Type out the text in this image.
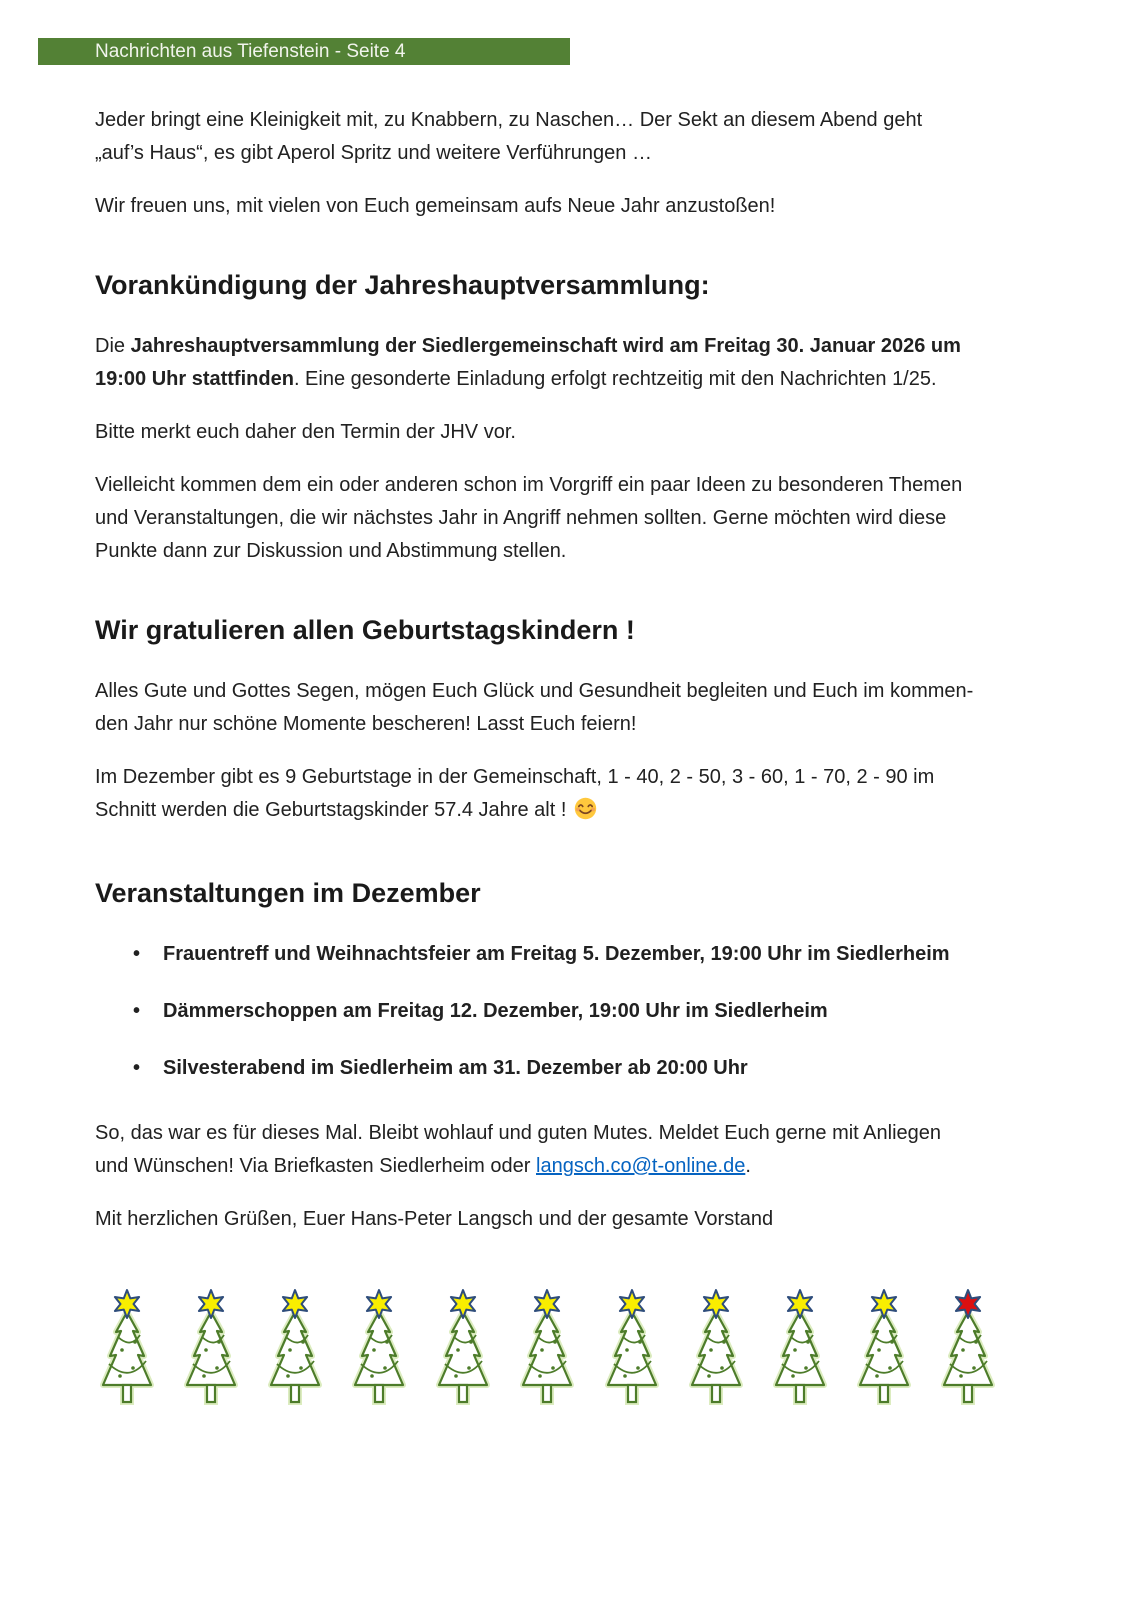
Nachrichten aus Tiefenstein - Seite 4

Jeder bringt eine Kleinigkeit mit, zu Knabbern, zu Naschen… Der Sekt an diesem Abend geht
„auf’s Haus“, es gibt Aperol Spritz und weitere Verführungen …

Wir freuen uns, mit vielen von Euch gemeinsam aufs Neue Jahr anzustoßen!

Vorankündigung der Jahreshauptversammlung:

Die Jahreshauptversammlung der Siedlergemeinschaft wird am Freitag 30. Januar 2026 um
19:00 Uhr stattfinden. Eine gesonderte Einladung erfolgt rechtzeitig mit den Nachrichten 1/25.

Bitte merkt euch daher den Termin der JHV vor.

Vielleicht kommen dem ein oder anderen schon im Vorgriff ein paar Ideen zu besonderen Themen
und Veranstaltungen, die wir nächstes Jahr in Angriff nehmen sollten. Gerne möchten wird diese
Punkte dann zur Diskussion und Abstimmung stellen.

Wir gratulieren allen Geburtstagskindern !

Alles Gute und Gottes Segen, mögen Euch Glück und Gesundheit begleiten und Euch im kommen-
den Jahr nur schöne Momente bescheren! Lasst Euch feiern!

Im Dezember gibt es 9 Geburtstage in der Gemeinschaft, 1 - 40, 2 - 50, 3 - 60, 1 - 70, 2 - 90 im
Schnitt werden die Geburtstagskinder 57.4 Jahre alt !

Veranstaltungen im Dezember
• Frauentreff und Weihnachtsfeier am Freitag 5. Dezember, 19:00 Uhr im Siedlerheim
• Dämmerschoppen am Freitag 12. Dezember, 19:00 Uhr im Siedlerheim
• Silvesterabend im Siedlerheim am 31. Dezember ab 20:00 Uhr

So, das war es für dieses Mal. Bleibt wohlauf und guten Mutes. Meldet Euch gerne mit Anliegen
und Wünschen! Via Briefkasten Siedlerheim oder langsch.co@t-online.de.

Mit herzlichen Grüßen, Euer Hans-Peter Langsch und der gesamte Vorstand
